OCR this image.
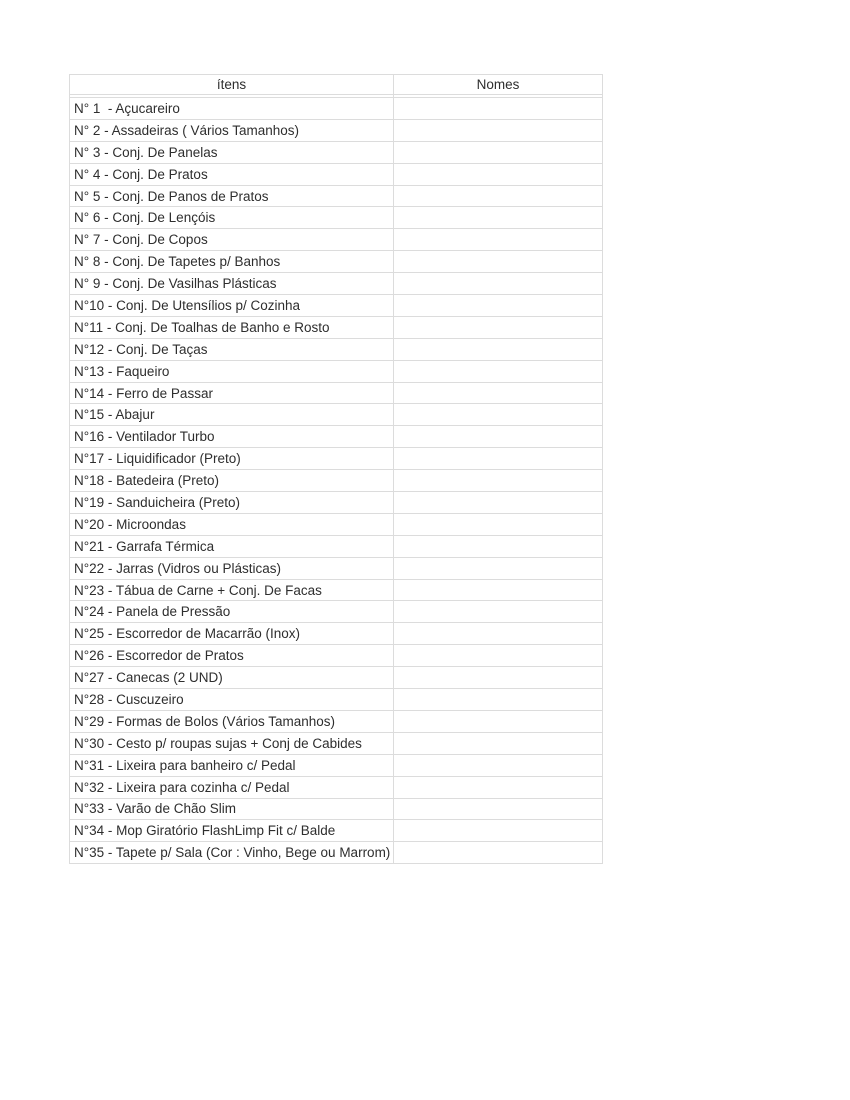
ítens	Nomes

N° 1  - Açucareiro	
N° 2 - Assadeiras ( Vários Tamanhos)	
N° 3 - Conj. De Panelas	
N° 4 - Conj. De Pratos	
N° 5 - Conj. De Panos de Pratos	
N° 6 - Conj. De Lençóis	
N° 7 - Conj. De Copos	
N° 8 - Conj. De Tapetes p/ Banhos	
N° 9 - Conj. De Vasilhas Plásticas	
N°10 - Conj. De Utensílios p/ Cozinha	
N°11 - Conj. De Toalhas de Banho e Rosto	
N°12 - Conj. De Taças	
N°13 - Faqueiro	
N°14 - Ferro de Passar	
N°15 - Abajur	
N°16 - Ventilador Turbo	
N°17 - Liquidificador (Preto)	
N°18 - Batedeira (Preto)	
N°19 - Sanduicheira (Preto)	
N°20 - Microondas	
N°21 - Garrafa Térmica	
N°22 - Jarras (Vidros ou Plásticas)	
N°23 - Tábua de Carne + Conj. De Facas	
N°24 - Panela de Pressão	
N°25 - Escorredor de Macarrão (Inox)	
N°26 - Escorredor de Pratos	
N°27 - Canecas (2 UND)	
N°28 - Cuscuzeiro	
N°29 - Formas de Bolos (Vários Tamanhos)	
N°30 - Cesto p/ roupas sujas + Conj de Cabides	
N°31 - Lixeira para banheiro c/ Pedal	
N°32 - Lixeira para cozinha c/ Pedal	
N°33 - Varão de Chão Slim	
N°34 - Mop Giratório FlashLimp Fit c/ Balde	
N°35 - Tapete p/ Sala (Cor : Vinho, Bege ou Marrom)	
